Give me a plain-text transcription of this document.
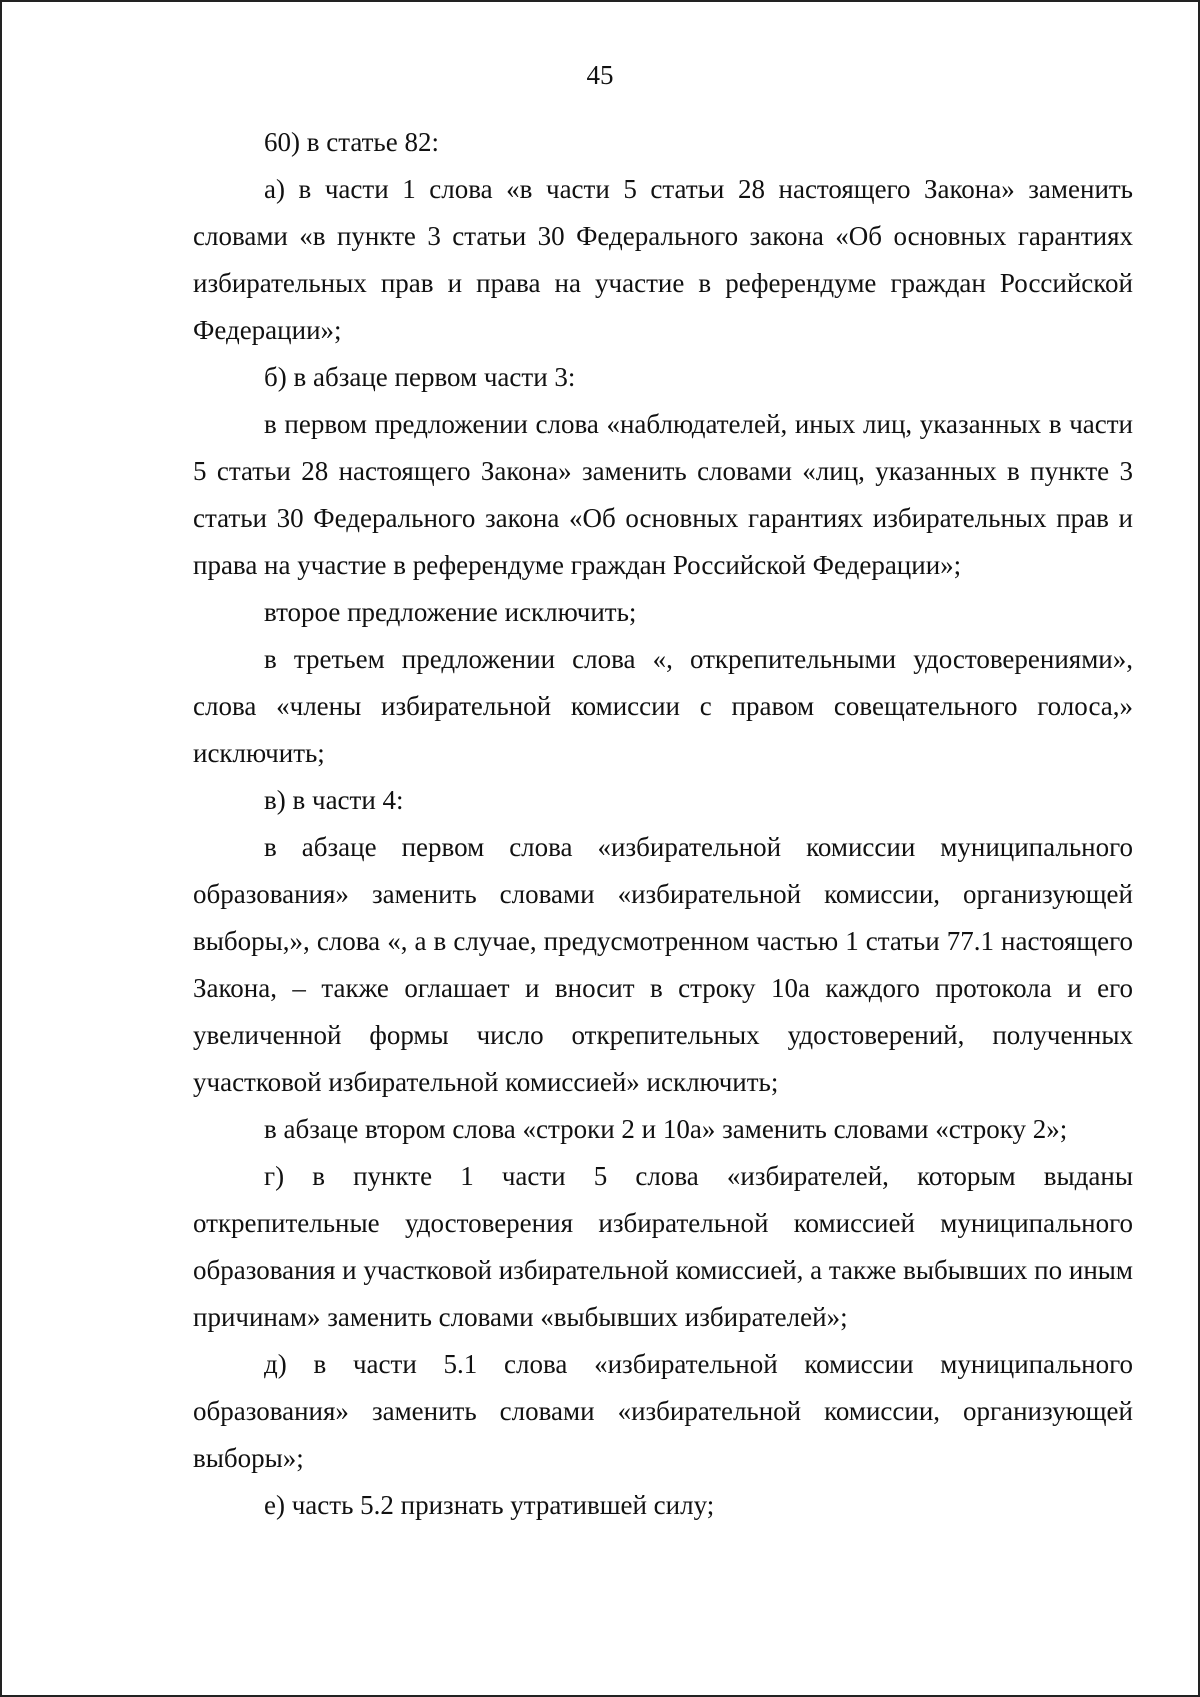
45

60) в статье 82:

а) в части 1 слова «в части 5 статьи 28 настоящего Закона» заменить словами «в пункте 3 статьи 30 Федерального закона «Об основных гарантиях избирательных прав и права на участие в референдуме граждан Российской Федерации»;

б) в абзаце первом части 3:

в первом предложении слова «наблюдателей, иных лиц, указанных в части 5 статьи 28 настоящего Закона» заменить словами «лиц, указанных в пункте 3 статьи 30 Федерального закона «Об основных гарантиях избирательных прав и права на участие в референдуме граждан Российской Федерации»;

второе предложение исключить;

в третьем предложении слова «, открепительными удостоверениями», слова «члены избирательной комиссии с правом совещательного голоса,» исключить;

в) в части 4:

в абзаце первом слова «избирательной комиссии муниципального образования» заменить словами «избирательной комиссии, организующей выборы,», слова «, а в случае, предусмотренном частью 1 статьи 77.1 настоящего Закона, – также оглашает и вносит в строку 10а каждого протокола и его увеличенной формы число открепительных удостоверений, полученных участковой избирательной комиссией» исключить;

в абзаце втором слова «строки 2 и 10а» заменить словами «строку 2»;

г) в пункте 1 части 5 слова «избирателей, которым выданы открепительные удостоверения избирательной комиссией муниципального образования и участковой избирательной комиссией, а также выбывших по иным причинам» заменить словами «выбывших избирателей»;

д) в части 5.1 слова «избирательной комиссии муниципального образования» заменить словами «избирательной комиссии, организующей выборы»;

е) часть 5.2 признать утратившей силу;
